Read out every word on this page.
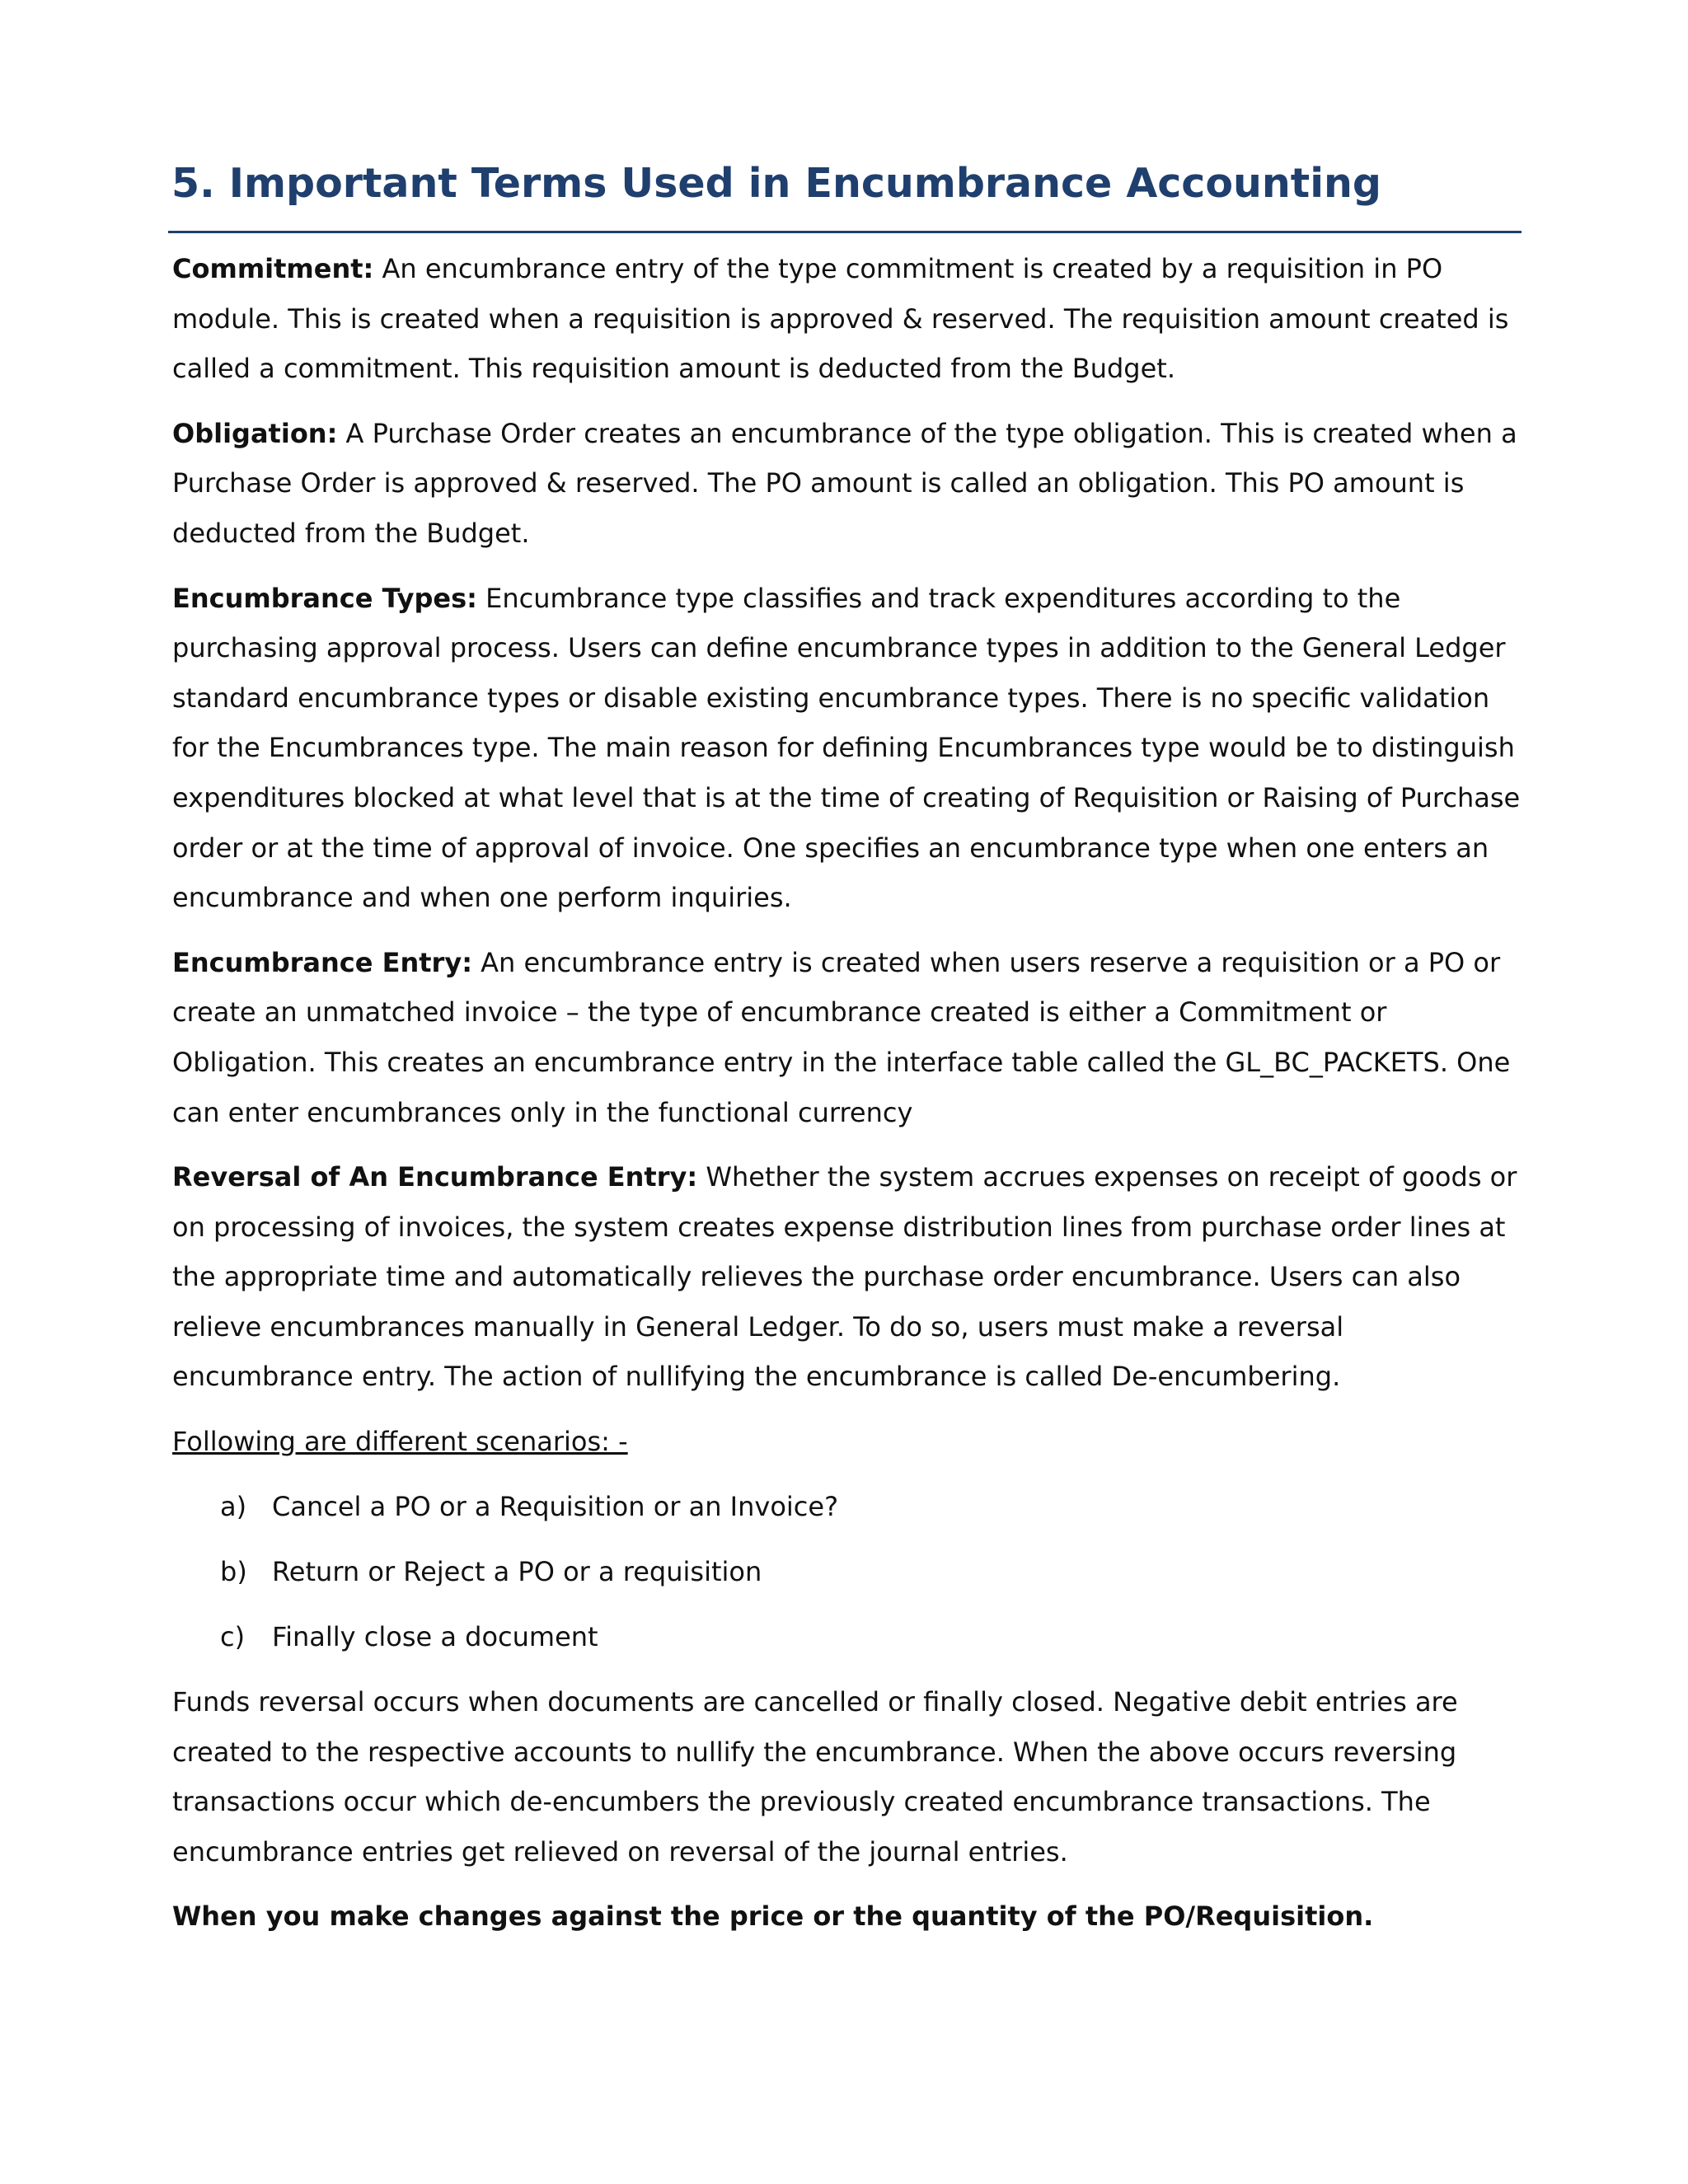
5. Important Terms Used in Encumbrance Accounting

Commitment: An encumbrance entry of the type commitment is created by a requisition in PO module. This is created when a requisition is approved & reserved. The requisition amount created is called a commitment. This requisition amount is deducted from the Budget.

Obligation: A Purchase Order creates an encumbrance of the type obligation. This is created when a Purchase Order is approved & reserved. The PO amount is called an obligation. This PO amount is deducted from the Budget.

Encumbrance Types: Encumbrance type classifies and track expenditures according to the purchasing approval process. Users can define encumbrance types in addition to the General Ledger standard encumbrance types or disable existing encumbrance types. There is no specific validation for the Encumbrances type. The main reason for defining Encumbrances type would be to distinguish expenditures blocked at what level that is at the time of creating of Requisition or Raising of Purchase order or at the time of approval of invoice. One specifies an encumbrance type when one enters an encumbrance and when one perform inquiries.

Encumbrance Entry: An encumbrance entry is created when users reserve a requisition or a PO or create an unmatched invoice – the type of encumbrance created is either a Commitment or Obligation. This creates an encumbrance entry in the interface table called the GL_BC_PACKETS. One can enter encumbrances only in the functional currency

Reversal of An Encumbrance Entry: Whether the system accrues expenses on receipt of goods or on processing of invoices, the system creates expense distribution lines from purchase order lines at the appropriate time and automatically relieves the purchase order encumbrance. Users can also relieve encumbrances manually in General Ledger. To do so, users must make a reversal encumbrance entry. The action of nullifying the encumbrance is called De-encumbering.

Following are different scenarios: -

a) Cancel a PO or a Requisition or an Invoice?
b) Return or Reject a PO or a requisition
c) Finally close a document

Funds reversal occurs when documents are cancelled or finally closed. Negative debit entries are created to the respective accounts to nullify the encumbrance. When the above occurs reversing transactions occur which de-encumbers the previously created encumbrance transactions. The encumbrance entries get relieved on reversal of the journal entries.

When you make changes against the price or the quantity of the PO/Requisition.
